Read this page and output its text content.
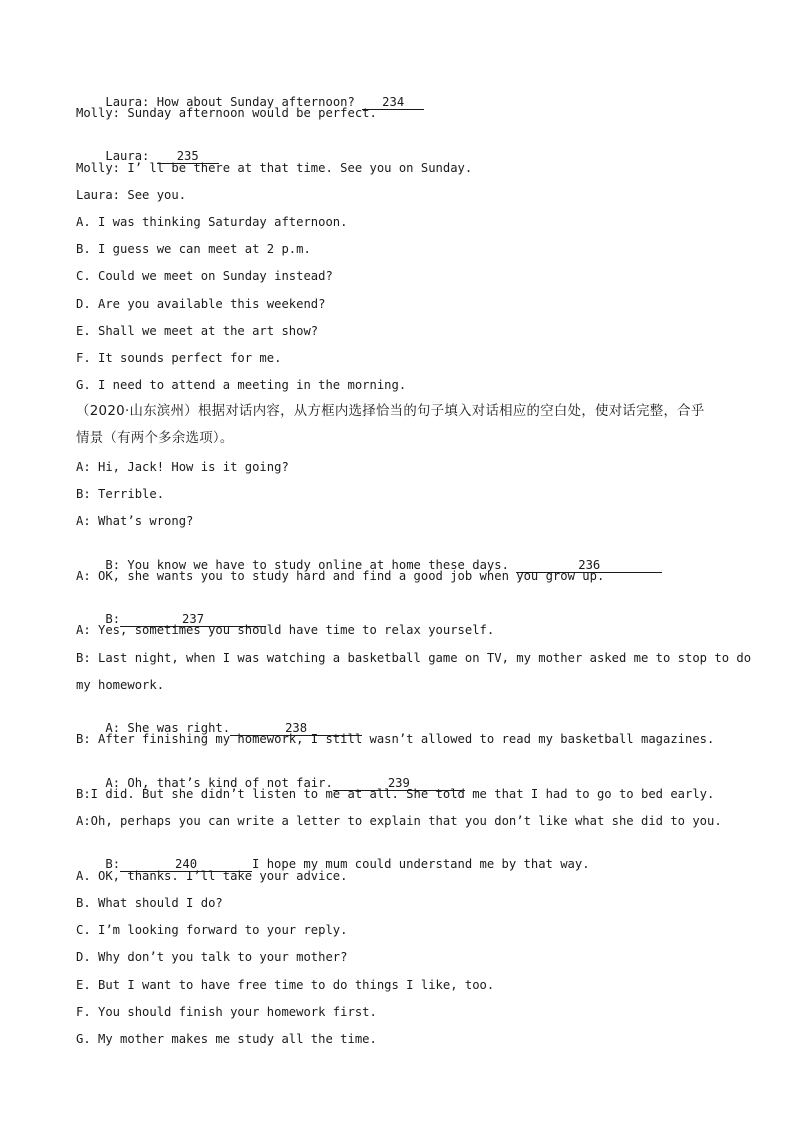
Laura: How about Sunday afternoon? 234

Molly: Sunday afternoon would be perfect.

Laura: 235

Molly: I’ ll be there at that time. See you on Sunday.
Laura: See you.
A. I was thinking Saturday afternoon.
B. I guess we can meet at 2 p.m.
C. Could we meet on Sunday instead?
D. Are you available this weekend?
E. Shall we meet at the art show?
F. It sounds perfect for me.
G. I need to attend a meeting in the morning.
（2020·山东滨州）根据对话内容，从方框内选择恰当的句子填入对话相应的空白处，使对话完整，合乎
情景（有两个多余选项）。
A: Hi, Jack! How is it going?
B: Terrible.
A: What’s wrong?

B: You know we have to study online at home these days.	236

A: OK, she wants you to study hard and find a good job when you grow up.

B:	237

A: Yes, sometimes you should have time to relax yourself.
B: Last night, when I was watching a basketball game on TV, my mother asked me to stop to do
my homework.

A: She was right.	238

B: After finishing my homework, I still wasn’t allowed to read my basketball magazines.

A: Oh, that’s kind of not fair.	239

B:I did. But she didn’t listen to me at all. She told me that I had to go to bed early.
A:Oh, perhaps you can write a letter to explain that you don’t like what she did to you.

B:	240	I hope my mum could understand me by that way.

A. OK, thanks. I’ll take your advice.
B. What should I do?
C. I’m looking forward to your reply.
D. Why don’t you talk to your mother?
E. But I want to have free time to do things I like, too.
F. You should finish your homework first.
G. My mother makes me study all the time.
